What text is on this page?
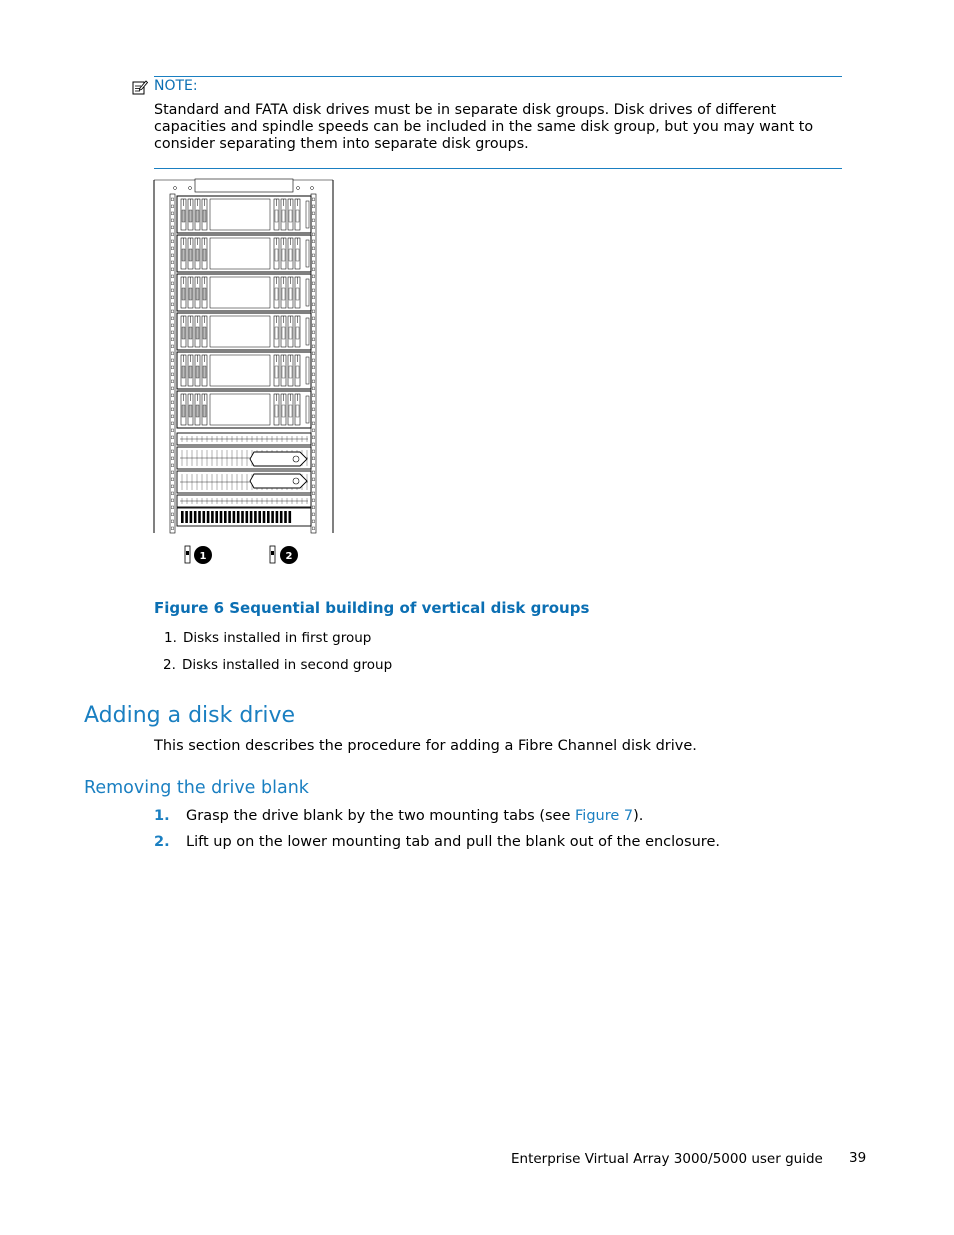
NOTE:
Standard and FATA disk drives must be in separate disk groups. Disk drives of different capacities and spindle speeds can be included in the same disk group, but you may want to consider separating them into separate disk groups.
1	2
Figure 6 Sequential building of vertical disk groups
1. Disks installed in first group
2. Disks installed in second group
Adding a disk drive
This section describes the procedure for adding a Fibre Channel disk drive.
Removing the drive blank
1. Grasp the drive blank by the two mounting tabs (see Figure 7).
2. Lift up on the lower mounting tab and pull the blank out of the enclosure.
Enterprise Virtual Array 3000/5000 user guide 39
